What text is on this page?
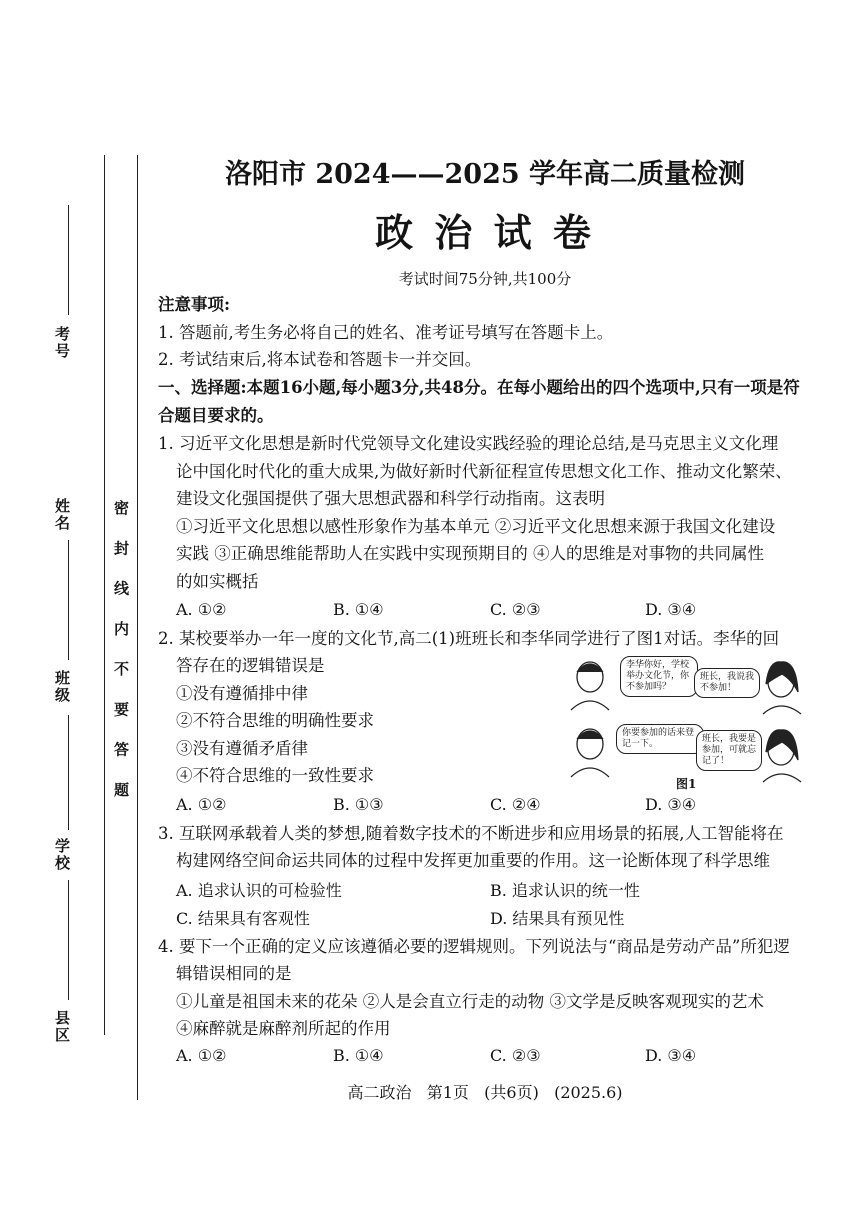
考号
姓名
班级
学校
县区
密 封 线 内 不 要 答 题
洛阳市 2024——2025 学年高二质量检测
政 治 试 卷
考试时间75分钟,共100分
注意事项:
1. 答题前,考生务必将自己的姓名、准考证号填写在答题卡上。
2. 考试结束后,将本试卷和答题卡一并交回。
一、选择题:本题16小题,每小题3分,共48分。在每小题给出的四个选项中,只有一项是符
合题目要求的。
1. 习近平文化思想是新时代党领导文化建设实践经验的理论总结,是马克思主义文化理
论中国化时代化的重大成果,为做好新时代新征程宣传思想文化工作、推动文化繁荣、
建设文化强国提供了强大思想武器和科学行动指南。这表明
①习近平文化思想以感性形象作为基本单元 ②习近平文化思想来源于我国文化建设
实践 ③正确思维能帮助人在实践中实现预期目的 ④人的思维是对事物的共同属性
的如实概括
A. ①②	B. ①④	C. ②③	D. ③④
2. 某校要举办一年一度的文化节,高二(1)班班长和李华同学进行了图1对话。李华的回
答存在的逻辑错误是
①没有遵循排中律
②不符合思维的明确性要求
③没有遵循矛盾律
④不符合思维的一致性要求
李华你好，学校举办文化节，你不参加吗？
班长，我说我不参加！
你要参加的话来登记一下。	班长，我要是参加，可就忘记了！
图1
A. ①②	B. ①③	C. ②④	D. ③④
3. 互联网承载着人类的梦想,随着数字技术的不断进步和应用场景的拓展,人工智能将在
构建网络空间命运共同体的过程中发挥更加重要的作用。这一论断体现了科学思维
A. 追求认识的可检验性	B. 追求认识的统一性
C. 结果具有客观性	D. 结果具有预见性
4. 要下一个正确的定义应该遵循必要的逻辑规则。下列说法与“商品是劳动产品”所犯逻
辑错误相同的是
①儿童是祖国未来的花朵 ②人是会直立行走的动物 ③文学是反映客观现实的艺术
④麻醉就是麻醉剂所起的作用
A. ①②	B. ①④	C. ②③	D. ③④
高二政治   第1页   (共6页)   (2025.6)
